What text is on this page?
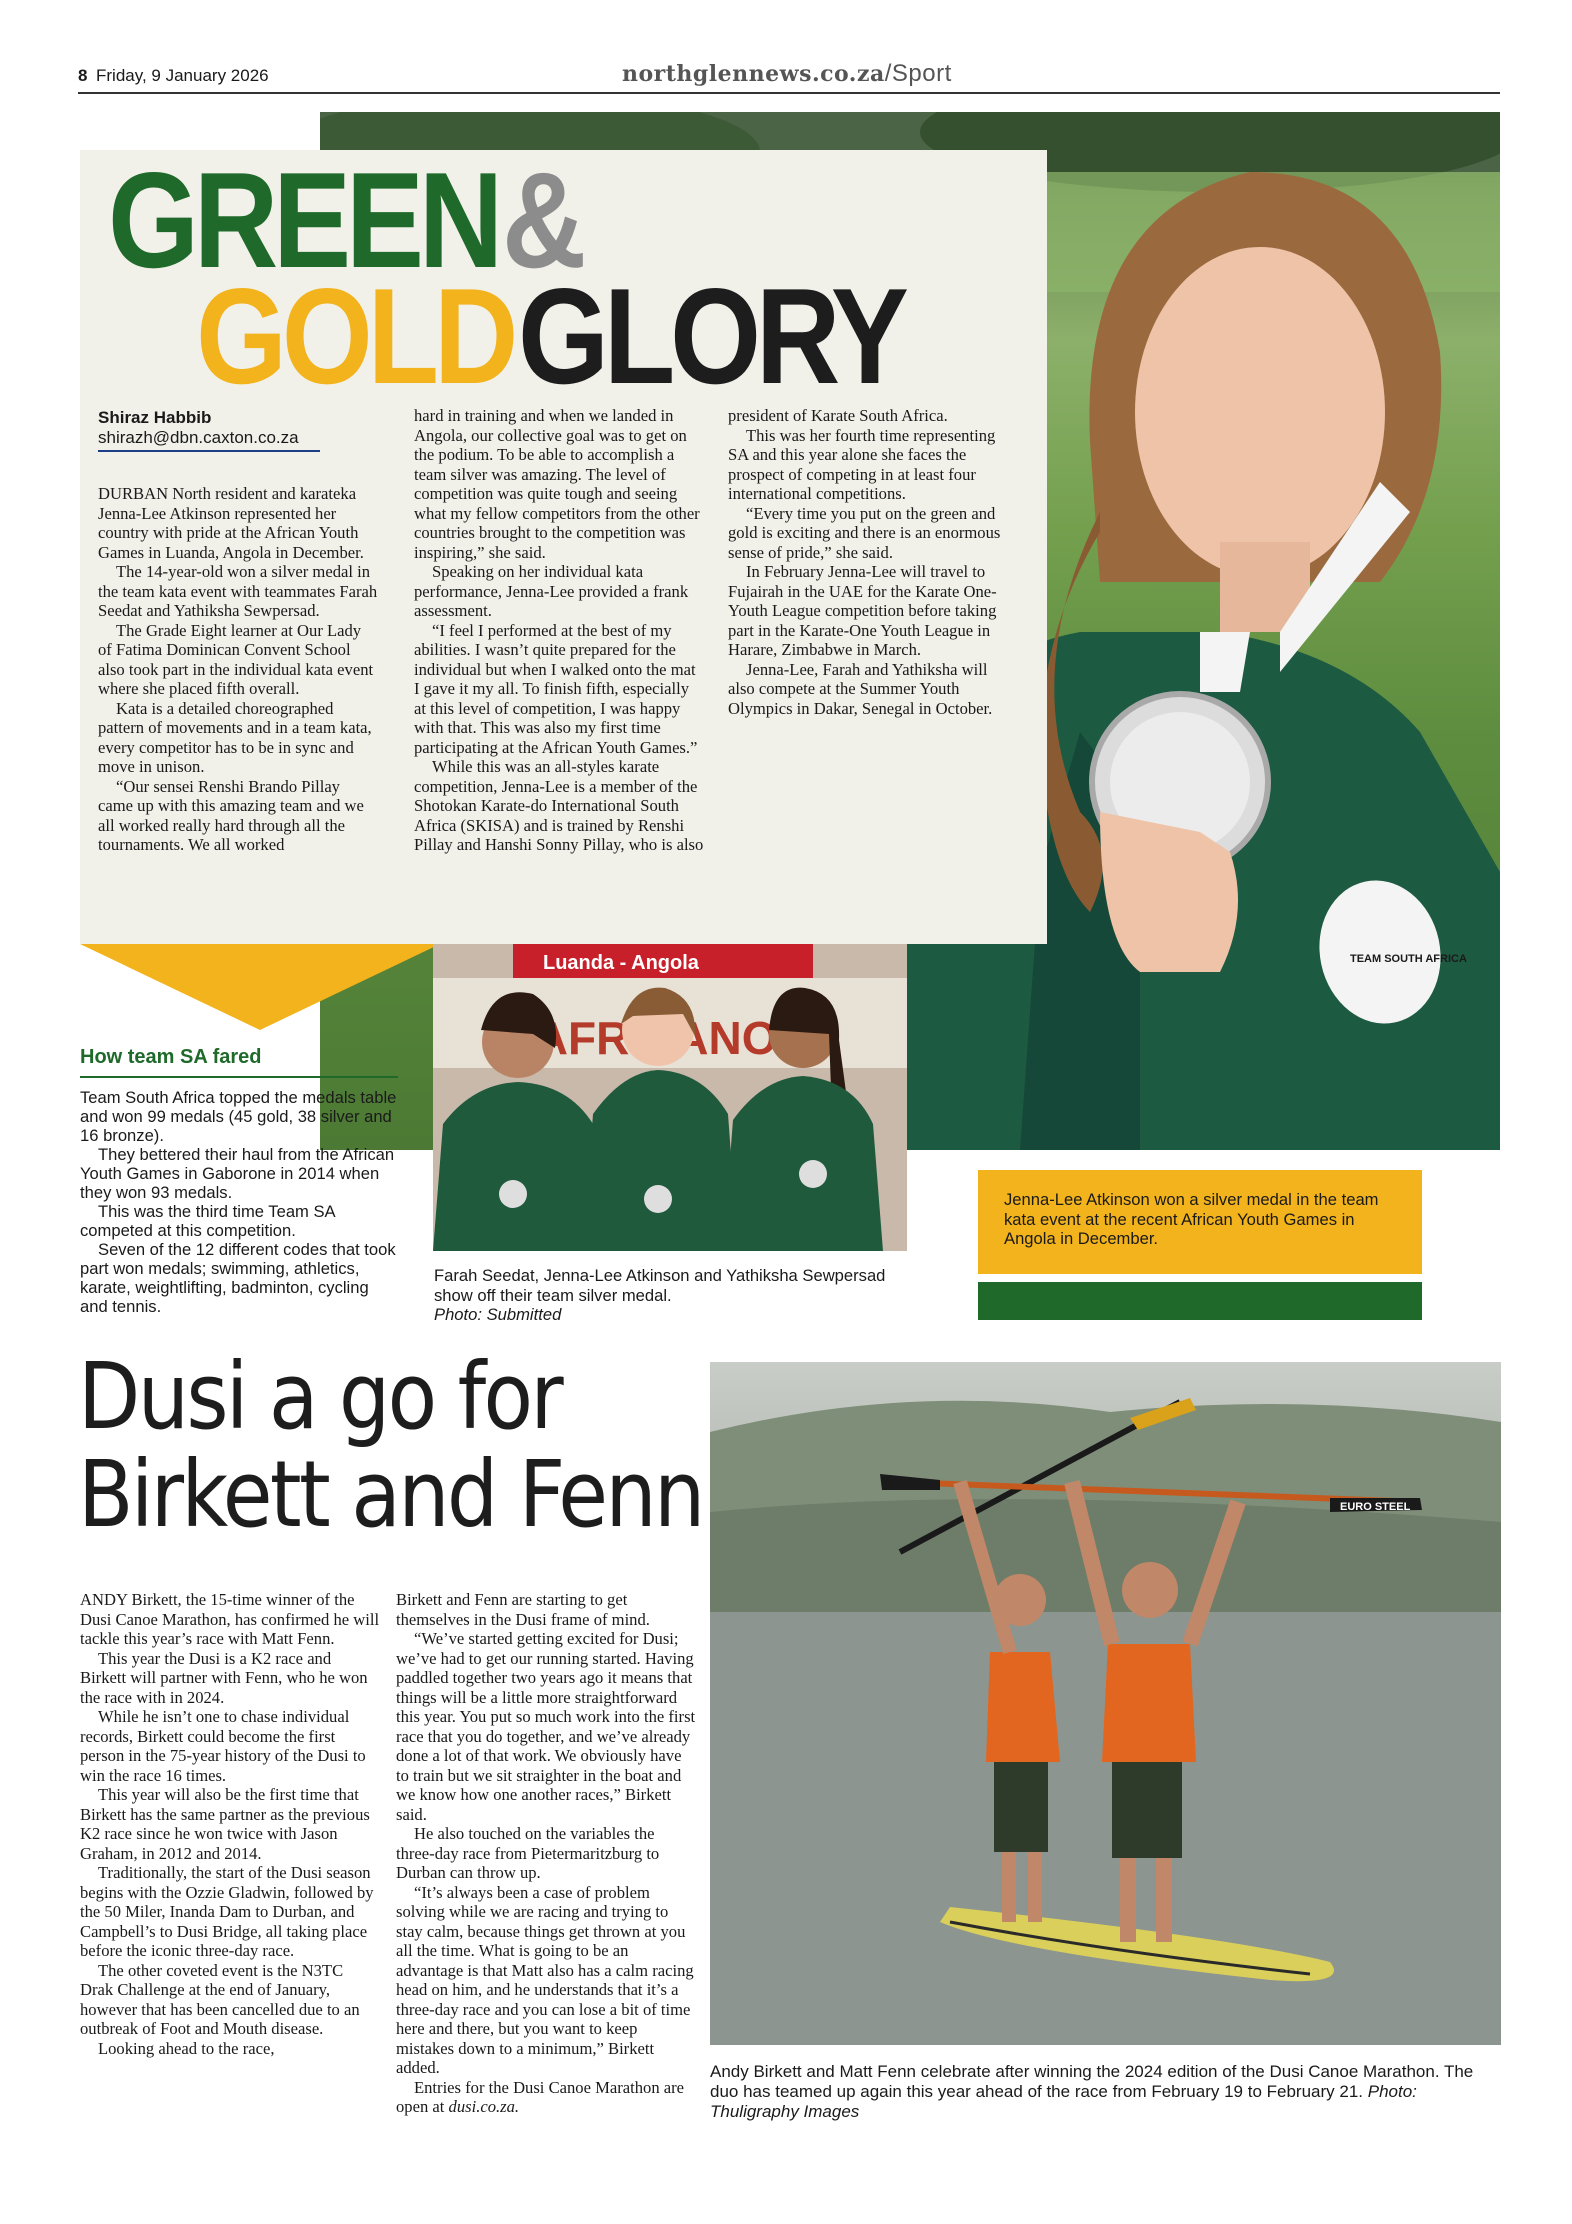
8 Friday, 9 January 2026	northglennews.co.za/Sport
TEAM SOUTH AFRICA
GREEN &
GOLD GLORY
Shiraz Habbib
shirazh@dbn.caxton.co.za

DURBAN North resident and karateka Jenna-Lee Atkinson represented her country with pride at the African Youth Games in Luanda, Angola in December.

The 14-year-old won a silver medal in the team kata event with teammates Farah Seedat and Yathiksha Sewpersad.

The Grade Eight learner at Our Lady of Fatima Dominican Convent School also took part in the individual kata event where she placed fifth overall.

Kata is a detailed choreographed pattern of movements and in a team kata, every competitor has to be in sync and move in unison.

“Our sensei Renshi Brando Pillay came up with this amazing team and we all worked really hard through all the tournaments. We all worked

hard in training and when we landed in Angola, our collective goal was to get on the podium. To be able to accomplish a team silver was amazing. The level of competition was quite tough and seeing what my fellow competitors from the other countries brought to the competition was inspiring,” she said.

Speaking on her individual kata performance, Jenna-Lee provided a frank assessment.

“I feel I performed at the best of my abilities. I wasn’t quite prepared for the individual but when I walked onto the mat I gave it my all. To finish fifth, especially at this level of competition, I was happy with that. This was also my first time participating at the African Youth Games.”

While this was an all-styles karate competition, Jenna-Lee is a member of the Shotokan Karate-do International South Africa (SKISA) and is trained by Renshi Pillay and Hanshi Sonny Pillay, who is also

president of Karate South Africa.

This was her fourth time representing SA and this year alone she faces the prospect of competing in at least four international competitions.

“Every time you put on the green and gold is exciting and there is an enormous sense of pride,” she said.

In February Jenna-Lee will travel to Fujairah in the UAE for the Karate One-Youth League competition before taking part in the Karate-One Youth League in Harare, Zimbabwe in March.

Jenna-Lee, Farah and Yathiksha will also compete at the Summer Youth Olympics in Dakar, Senegal in October.

How team SA fared

Team South Africa topped the medals table and won 99 medals (45 gold, 38 silver and 16 bronze).

They bettered their haul from the African Youth Games in Gaborone in 2014 when they won 93 medals.

This was the third time Team SA competed at this competition.

Seven of the 12 different codes that took part won medals; swimming, athletics, karate, weightlifting, badminton, cycling and tennis.

Luanda - Angola
Farah Seedat, Jenna-Lee Atkinson and Yathiksha Sewpersad show off their team silver medal.
Photo: Submitted
Jenna-Lee Atkinson won a silver medal in the team kata event at the recent African Youth Games in Angola in December.
Dusi a go for Birkett and Fenn

ANDY Birkett, the 15-time winner of the Dusi Canoe Marathon, has confirmed he will tackle this year’s race with Matt Fenn.

This year the Dusi is a K2 race and Birkett will partner with Fenn, who he won the race with in 2024.

While he isn’t one to chase individual records, Birkett could become the first person in the 75-year history of the Dusi to win the race 16 times.

This year will also be the first time that Birkett has the same partner as the previous K2 race since he won twice with Jason Graham, in 2012 and 2014.

Traditionally, the start of the Dusi season begins with the Ozzie Gladwin, followed by the 50 Miler, Inanda Dam to Durban, and Campbell’s to Dusi Bridge, all taking place before the iconic three-day race.

The other coveted event is the N3TC Drak Challenge at the end of January, however that has been cancelled due to an outbreak of Foot and Mouth disease.

Looking ahead to the race,

Birkett and Fenn are starting to get themselves in the Dusi frame of mind.

“We’ve started getting excited for Dusi; we’ve had to get our running started. Having paddled together two years ago it means that things will be a little more straightforward this year. You put so much work into the first race that you do together, and we’ve already done a lot of that work. We obviously have to train but we sit straighter in the boat and we know how one another races,” Birkett said.

He also touched on the variables the three-day race from Pietermaritzburg to Durban can throw up.

“It’s always been a case of problem solving while we are racing and trying to stay calm, because things get thrown at you all the time. What is going to be an advantage is that Matt also has a calm racing head on him, and he understands that it’s a three-day race and you can lose a bit of time here and there, but you want to keep mistakes down to a minimum,” Birkett added.

Entries for the Dusi Canoe Marathon are open at dusi.co.za.

EURO STEEL
Andy Birkett and Matt Fenn celebrate after winning the 2024 edition of the Dusi Canoe Marathon. The duo has teamed up again this year ahead of the race from February 19 to February 21. Photo: Thuligraphy Images
